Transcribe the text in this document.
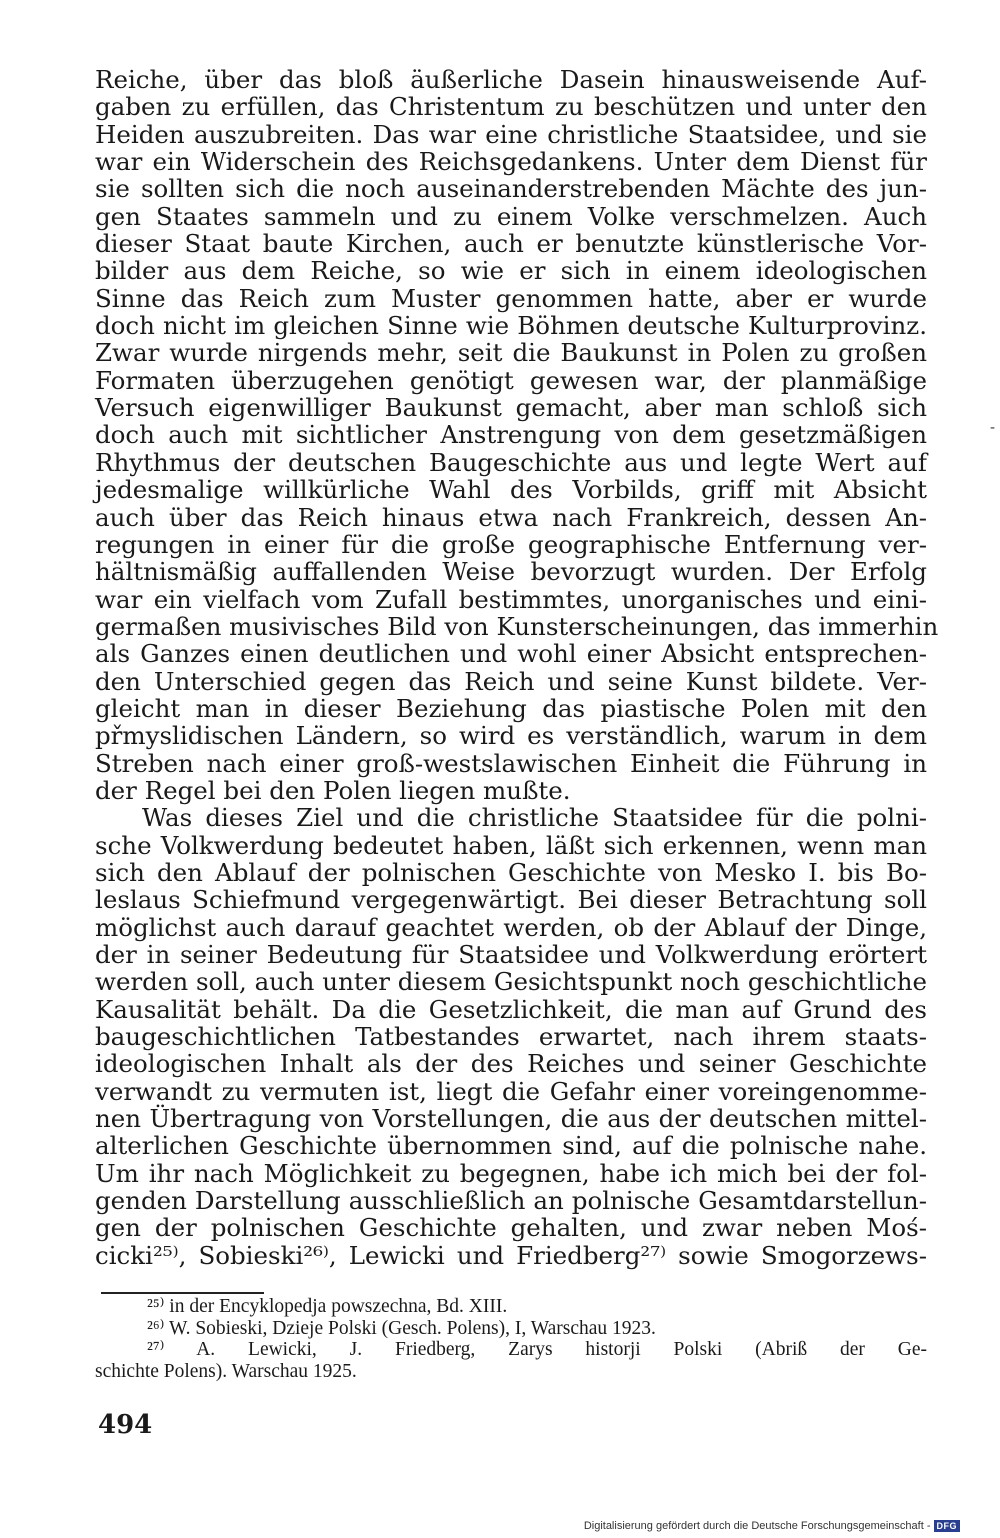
Reiche, über das bloß äußerliche Dasein hinausweisende Auf-
gaben zu erfüllen, das Christentum zu beschützen und unter den
Heiden auszubreiten. Das war eine christliche Staatsidee, und sie
war ein Widerschein des Reichsgedankens. Unter dem Dienst für
sie sollten sich die noch auseinanderstrebenden Mächte des jun-
gen Staates sammeln und zu einem Volke verschmelzen. Auch
dieser Staat baute Kirchen, auch er benutzte künstlerische Vor-
bilder aus dem Reiche, so wie er sich in einem ideologischen
Sinne das Reich zum Muster genommen hatte, aber er wurde
doch nicht im gleichen Sinne wie Böhmen deutsche Kulturprovinz.
Zwar wurde nirgends mehr, seit die Baukunst in Polen zu großen
Formaten überzugehen genötigt gewesen war, der planmäßige
Versuch eigenwilliger Baukunst gemacht, aber man schloß sich
doch auch mit sichtlicher Anstrengung von dem gesetzmäßigen
Rhythmus der deutschen Baugeschichte aus und legte Wert auf
jedesmalige willkürliche Wahl des Vorbilds, griff mit Absicht
auch über das Reich hinaus etwa nach Frankreich, dessen An-
regungen in einer für die große geographische Entfernung ver-
hältnismäßig auffallenden Weise bevorzugt wurden. Der Erfolg
war ein vielfach vom Zufall bestimmtes, unorganisches und eini-
germaßen musivisches Bild von Kunsterscheinungen, das immerhin
als Ganzes einen deutlichen und wohl einer Absicht entsprechen-
den Unterschied gegen das Reich und seine Kunst bildete. Ver-
gleicht man in dieser Beziehung das piastische Polen mit den
přmyslidischen Ländern, so wird es verständlich, warum in dem
Streben nach einer groß-westslawischen Einheit die Führung in
der Regel bei den Polen liegen mußte.
Was dieses Ziel und die christliche Staatsidee für die polni-
sche Volkwerdung bedeutet haben, läßt sich erkennen, wenn man
sich den Ablauf der polnischen Geschichte von Mesko I. bis Bo-
leslaus Schiefmund vergegenwärtigt. Bei dieser Betrachtung soll
möglichst auch darauf geachtet werden, ob der Ablauf der Dinge,
der in seiner Bedeutung für Staatsidee und Volkwerdung erörtert
werden soll, auch unter diesem Gesichtspunkt noch geschichtliche
Kausalität behält. Da die Gesetzlichkeit, die man auf Grund des
baugeschichtlichen Tatbestandes erwartet, nach ihrem staats-
ideologischen Inhalt als der des Reiches und seiner Geschichte
verwandt zu vermuten ist, liegt die Gefahr einer voreingenomme-
nen Übertragung von Vorstellungen, die aus der deutschen mittel-
alterlichen Geschichte übernommen sind, auf die polnische nahe.
Um ihr nach Möglichkeit zu begegnen, habe ich mich bei der fol-
genden Darstellung ausschließlich an polnische Gesamtdarstellun-
gen der polnischen Geschichte gehalten, und zwar neben Moś-
cicki²⁵⁾, Sobieski²⁶⁾, Lewicki und Friedberg²⁷⁾ sowie Smogorzews-
-
²⁵⁾ in der Encyklopedja powszechna, Bd. XIII.
²⁶⁾ W. Sobieski, Dzieje Polski (Gesch. Polens), I, Warschau 1923.
²⁷⁾ A. Lewicki, J. Friedberg, Zarys historji Polski (Abriß der Ge-
schichte Polens). Warschau 1925.
494
Digitalisierung gefördert durch die Deutsche Forschungsgemeinschaft - DFG
